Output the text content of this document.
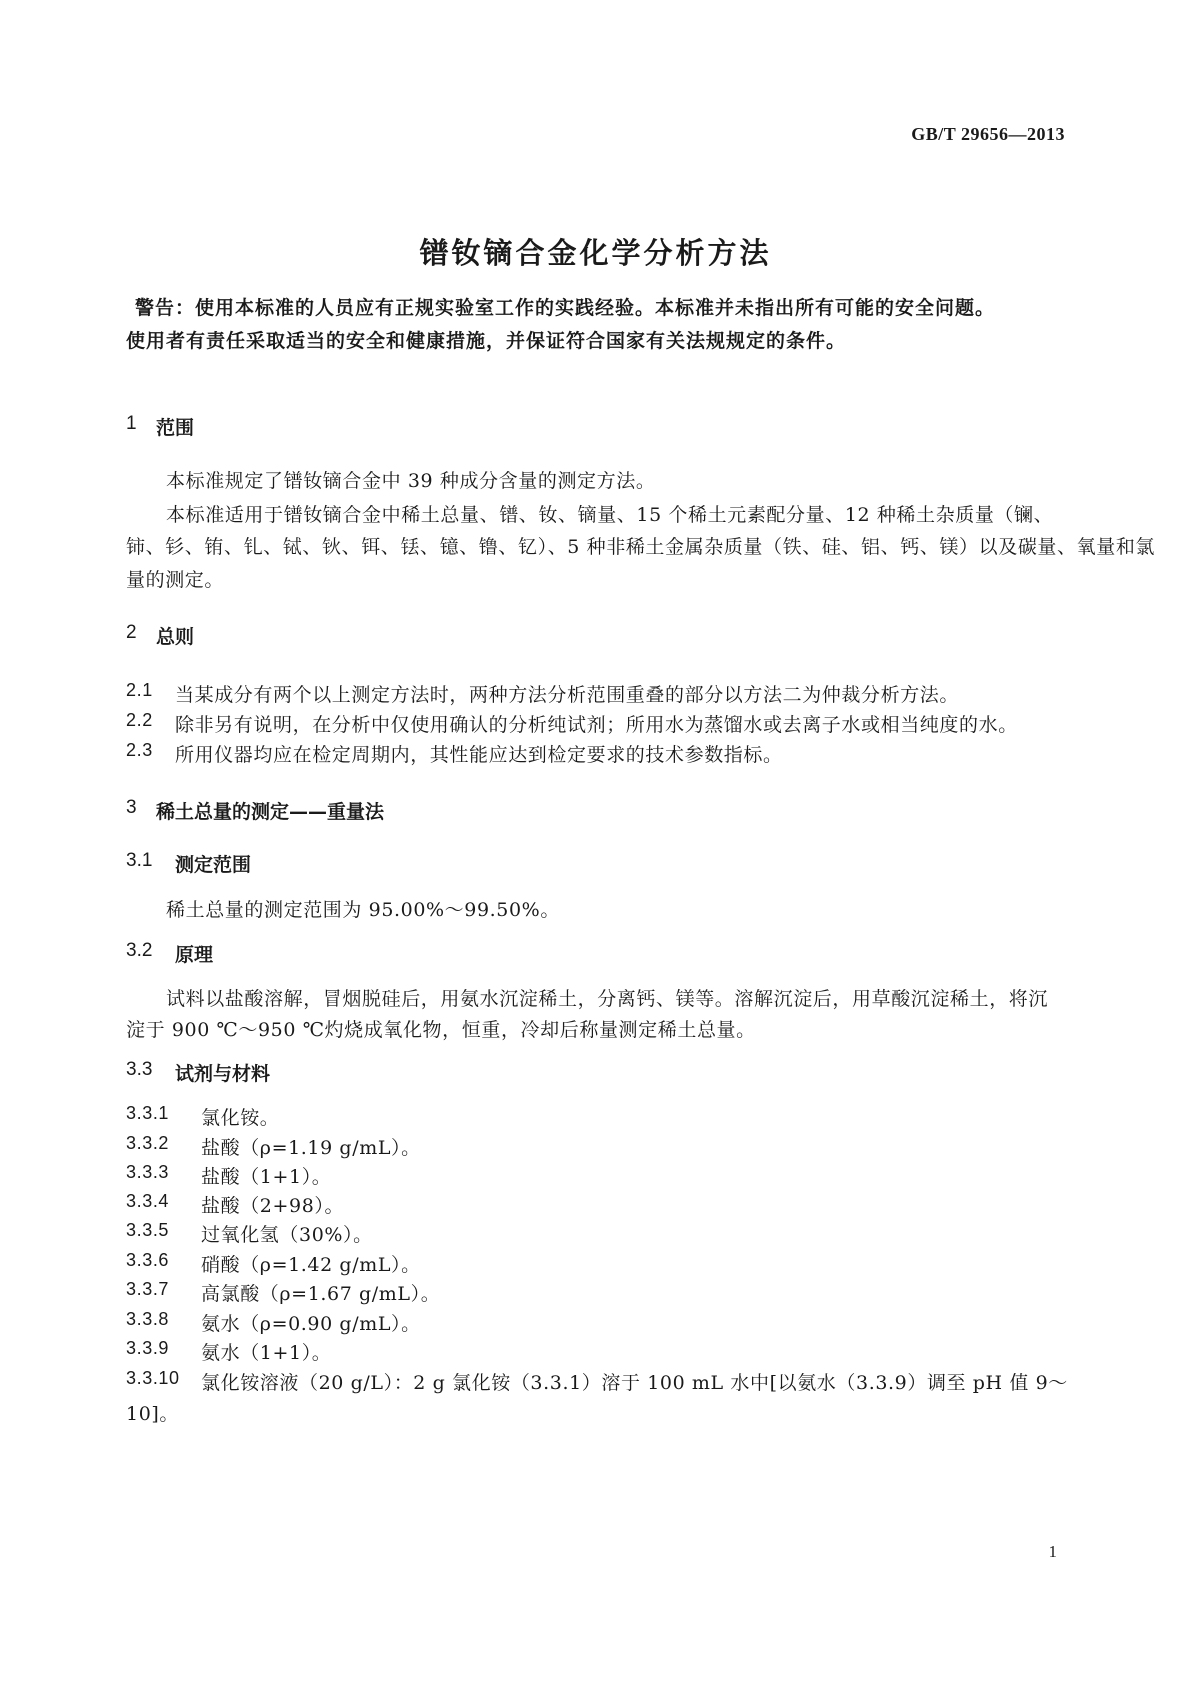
GB/T 29656—2013
镨钕镝合金化学分析方法
警告：使用本标准的人员应有正规实验室工作的实践经验。本标准并未指出所有可能的安全问题。
使用者有责任采取适当的安全和健康措施，并保证符合国家有关法规规定的条件。
1 范围
本标准规定了镨钕镝合金中 39 种成分含量的测定方法。
本标准适用于镨钕镝合金中稀土总量、镨、钕、镝量、15 个稀土元素配分量、12 种稀土杂质量（镧、
铈、钐、铕、钆、铽、钬、铒、铥、镱、镥、钇）、5 种非稀土金属杂质量（铁、硅、铝、钙、镁）以及碳量、氧量和氯
量的测定。
2 总则
2.1 当某成分有两个以上测定方法时，两种方法分析范围重叠的部分以方法二为仲裁分析方法。
2.2 除非另有说明，在分析中仅使用确认的分析纯试剂；所用水为蒸馏水或去离子水或相当纯度的水。
2.3 所用仪器均应在检定周期内，其性能应达到检定要求的技术参数指标。
3 稀土总量的测定——重量法
3.1 测定范围
稀土总量的测定范围为 95.00%～99.50%。
3.2 原理
试料以盐酸溶解，冒烟脱硅后，用氨水沉淀稀土，分离钙、镁等。溶解沉淀后，用草酸沉淀稀土，将沉
淀于 900 ℃～950 ℃灼烧成氧化物，恒重，冷却后称量测定稀土总量。
3.3 试剂与材料
3.3.1 氯化铵。
3.3.2 盐酸（ρ=1.19 g/mL）。
3.3.3 盐酸（1+1）。
3.3.4 盐酸（2+98）。
3.3.5 过氧化氢（30%）。
3.3.6 硝酸（ρ=1.42 g/mL）。
3.3.7 高氯酸（ρ=1.67 g/mL）。
3.3.8 氨水（ρ=0.90 g/mL）。
3.3.9 氨水（1+1）。
3.3.10 氯化铵溶液（20 g/L）：2 g 氯化铵（3.3.1）溶于 100 mL 水中[以氨水（3.3.9）调至 pH 值 9～
10]。
1
